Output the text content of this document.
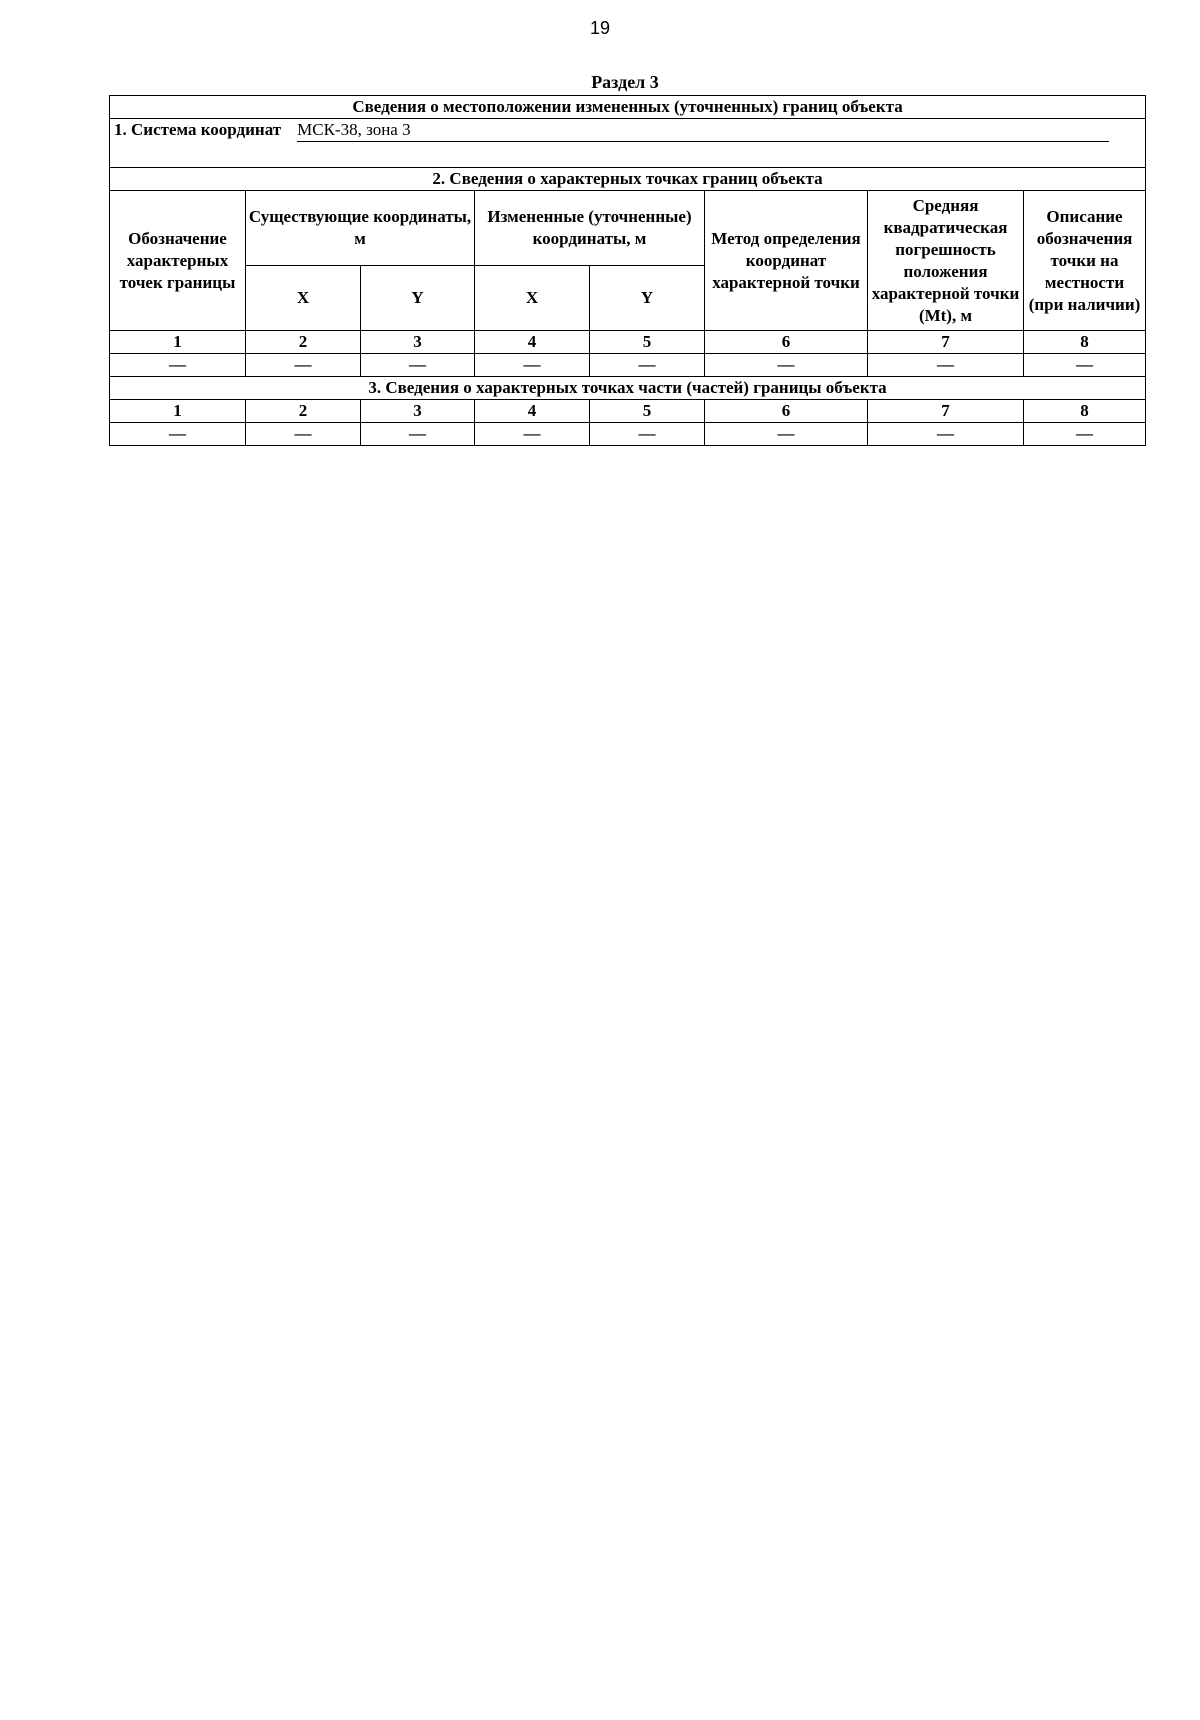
19
Раздел 3
Сведения о местоположении измененных (уточненных) границ объекта							
1. Система координат МСК-38, зона 3							
2. Сведения о характерных точках границ объекта							
Обозначение характерных точек границы	Существующие координаты, м		Измененные (уточненные) координаты, м		Метод определения координат характерной точки	Средняя квадратическая погрешность положения характерной точки (Mt), м	Описание обозначения точки на местности (при наличии)
	X	Y	X	Y			
1	2	3	4	5	6	7	8
—	—	—	—	—	—	—	—
3. Сведения о характерных точках части (частей) границы объекта							
1	2	3	4	5	6	7	8
—	—	—	—	—	—	—	—
